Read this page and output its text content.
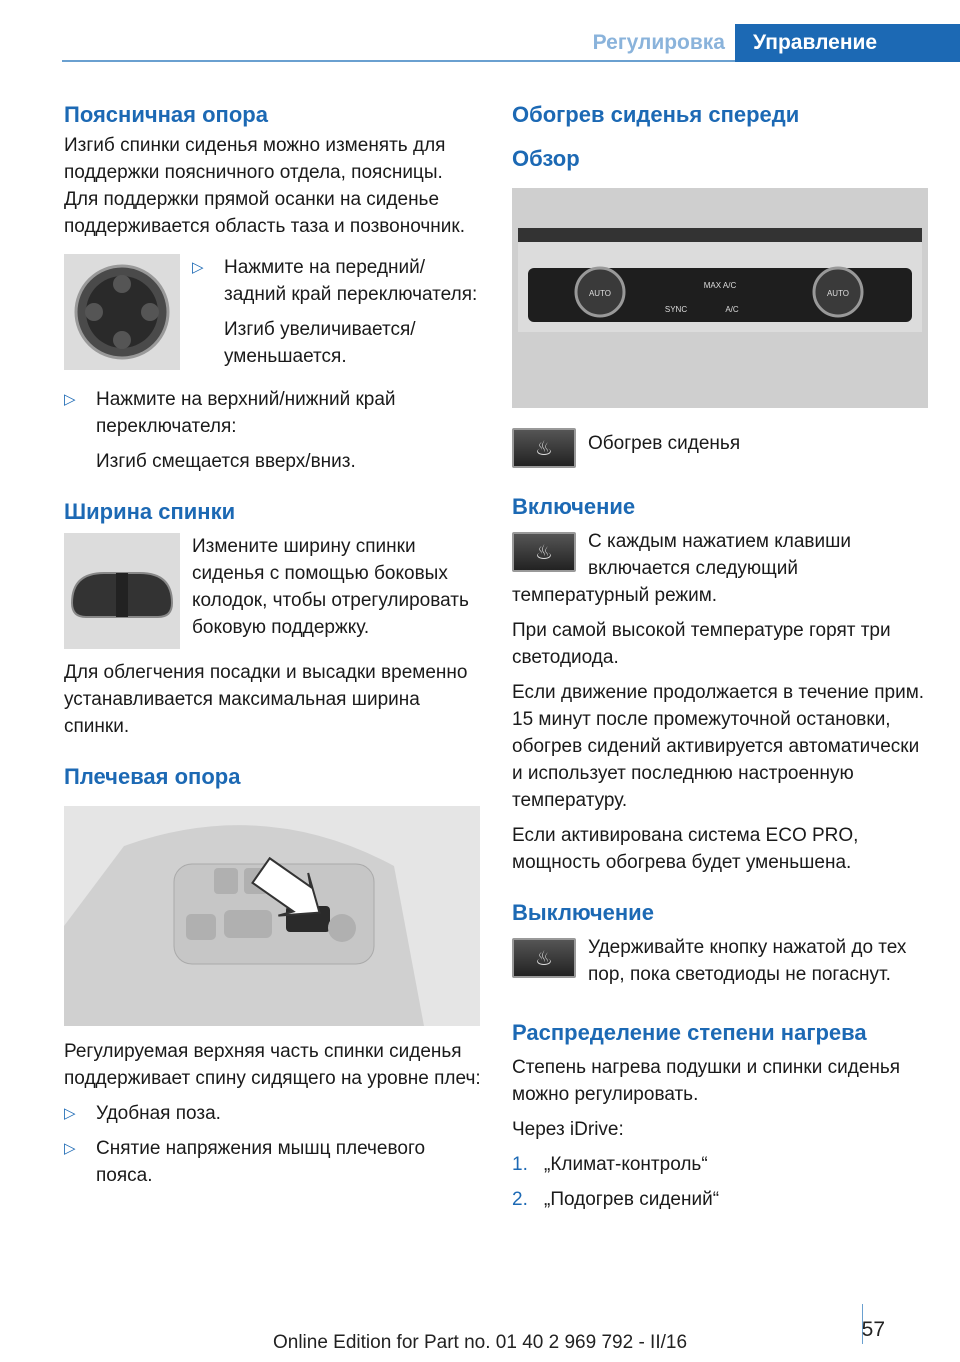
Регулировка	Управление
Поясничная опора

Изгиб спинки сиденья можно изменять для поддержки поясничного отдела, поясницы. Для поддержки прямой осанки на сиденье поддерживается область таза и позвоночник.

▷	Нажмите на передний/задний край переключателя:

Изгиб увеличивается/уменьшается.

▷	Нажмите на верхний/нижний край переключателя:

Изгиб смещается вверх/вниз.

Ширина спинки

Измените ширину спинки сиденья с помощью боковых колодок, чтобы отрегулировать боковую поддержку.

Для облегчения посадки и высадки временно устанавливается максимальная ширина спинки.

Плечевая опора

Регулируемая верхняя часть спинки сиденья поддерживает спину сидящего на уровне плеч:

▷	Удобная поза.
▷	Снятие напряжения мышц плечевого пояса.
Обогрев сиденья спереди
Обзор
AUTO
MAX A/C
A/C
SYNC
AUTO
♨	Обогрев сиденья

Включение
♨	С каждым нажатием клавиши включается следующий температурный режим.

При самой высокой температуре горят три светодиода.

Если движение продолжается в течение прим. 15 минут после промежуточной остановки, обогрев сидений активируется автоматически и использует последнюю настроенную температуру.

Если активирована система ECO PRO, мощность обогрева будет уменьшена.

Выключение
♨	Удерживайте кнопку нажатой до тех пор, пока светодиоды не погаснут.

Распределение степени нагрева

Степень нагрева подушки и спинки сиденья можно регулировать.

Через iDrive:

1. „Климат-контроль“
2. „Подогрев сидений“
57
Online Edition for Part no. 01 40 2 969 792 - II/16
